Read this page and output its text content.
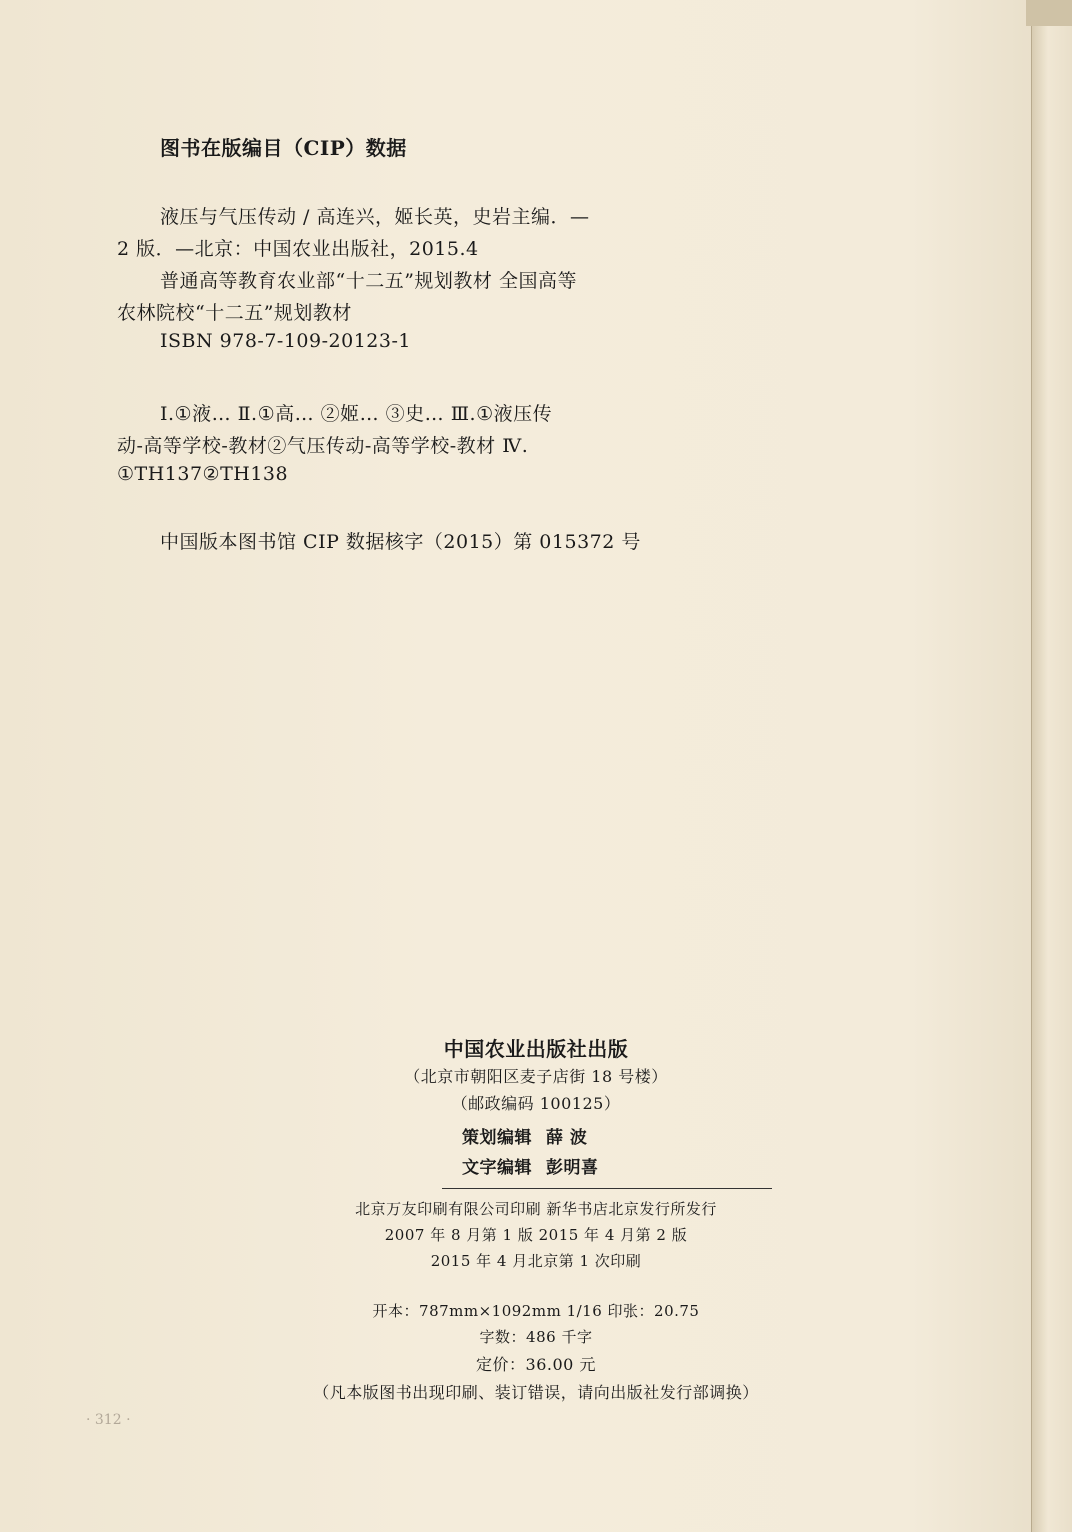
· 312 ·
图书在版编目（CIP）数据
液压与气压传动 / 高连兴，姬长英，史岩主编．—
2 版．—北京：中国农业出版社，2015.4
普通高等教育农业部“十二五”规划教材 全国高等
农林院校“十二五”规划教材
ISBN 978-7-109-20123-1
Ⅰ.①液… Ⅱ.①高… ②姬… ③史… Ⅲ.①液压传
动-高等学校-教材②气压传动-高等学校-教材 Ⅳ.
①TH137②TH138
中国版本图书馆 CIP 数据核字（2015）第 015372 号
中国农业出版社出版
（北京市朝阳区麦子店街 18 号楼）
（邮政编码 100125）
策划编辑 薛 波
文字编辑 彭明喜
北京万友印刷有限公司印刷 新华书店北京发行所发行
2007 年 8 月第 1 版 2015 年 4 月第 2 版
2015 年 4 月北京第 1 次印刷
开本：787mm×1092mm 1/16 印张：20.75
字数：486 千字
定价：36.00 元
（凡本版图书出现印刷、装订错误，请向出版社发行部调换）
